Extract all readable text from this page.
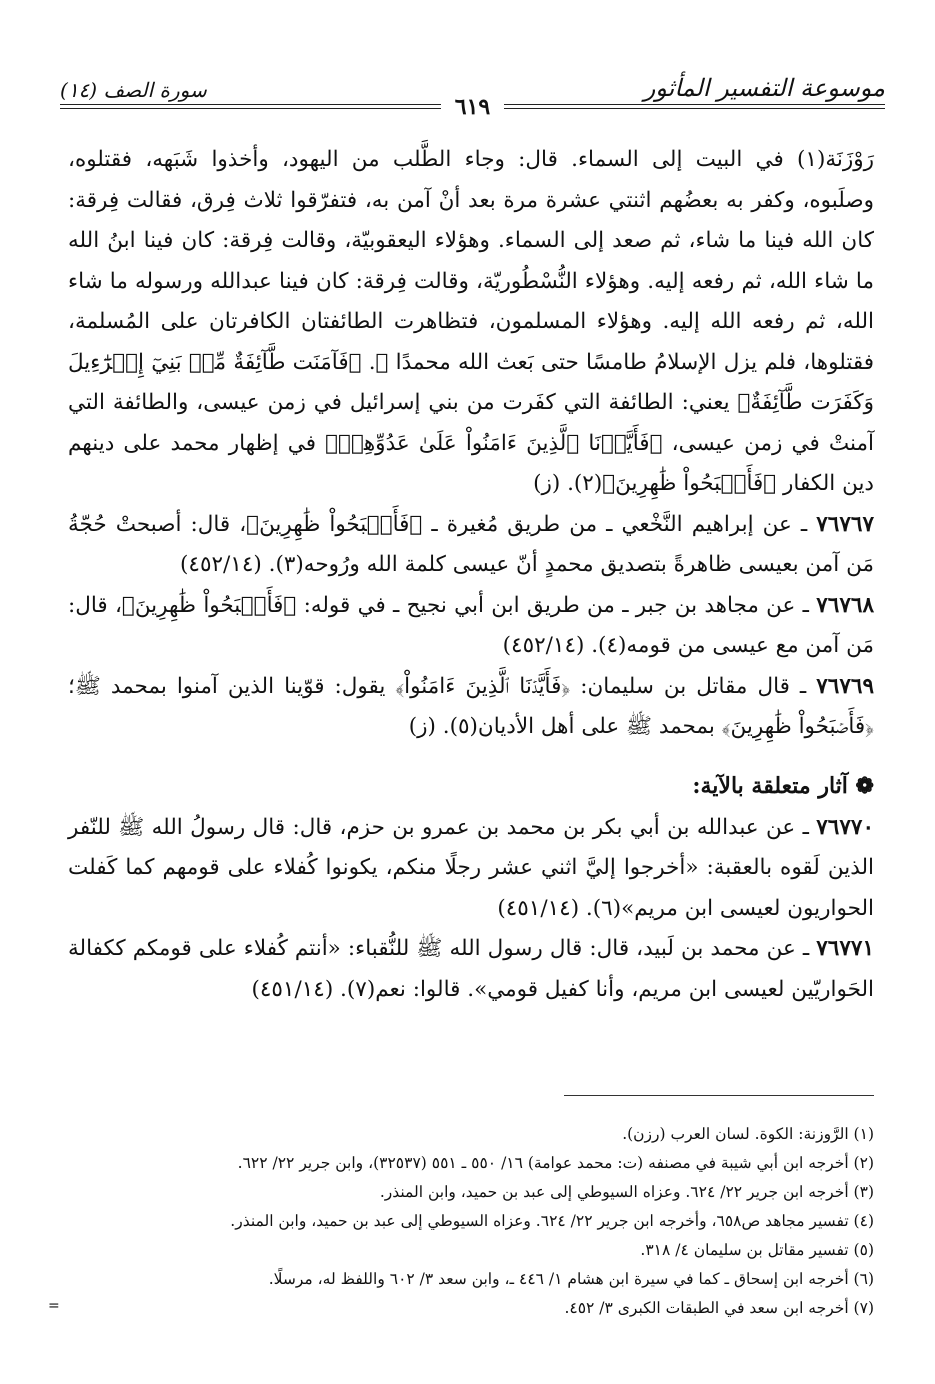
موسوعة التفسير المأثور
سورة الصف (١٤)
٦١٩

رَوْزَنَة(١) في البيت إلى السماء. قال: وجاء الطَّلب من اليهود، وأخذوا شَبَهه، فقتلوه، وصلَبوه، وكفر به بعضُهم اثنتي عشرة مرة بعد أنْ آمن به، فتفرّقوا ثلاث فِرق، فقالت فِرقة: كان الله فينا ما شاء، ثم صعد إلى السماء. وهؤلاء اليعقوبيّة، وقالت فِرقة: كان فينا ابنُ الله ما شاء الله، ثم رفعه إليه. وهؤلاء النُّسْطُوريّة، وقالت فِرقة: كان فينا عبدالله ورسوله ما شاء الله، ثم رفعه الله إليه. وهؤلاء المسلمون، فتظاهرت الطائفتان الكافرتان على المُسلمة، فقتلوها، فلم يزل الإسلامُ طامسًا حتى بَعث الله محمدًا ﷺ. ﴿فَآمَنَت طَّآئِفَةٌ مِّنۢ بَنِيٓ إِسۡرَٰٓءِيلَ وَكَفَرَت طَّآئِفَةٌ﴾ يعني: الطائفة التي كفَرت من بني إسرائيل في زمن عيسى، والطائفة التي آمنتْ في زمن عيسى، ﴿فَأَيَّدۡنَا ٱلَّذِينَ ءَامَنُواْ عَلَىٰ عَدُوِّهِمۡ﴾ في إظهار محمد على دينهم دين الكفار ﴿فَأَصۡبَحُواْ ظَٰهِرِينَ﴾(٢). (ز)

٧٦٧٦٧ ـ عن إبراهيم النَّخْعي ـ من طريق مُغيرة ـ ﴿فَأَصۡبَحُواْ ظَٰهِرِينَ﴾، قال: أصبحتْ حُجّةُ مَن آمن بعيسى ظاهرةً بتصديق محمدٍ أنّ عيسى كلمة الله ورُوحه(٣). (٤٥٢/١٤)

٧٦٧٦٨ ـ عن مجاهد بن جبر ـ من طريق ابن أبي نجيح ـ في قوله: ﴿فَأَصۡبَحُواْ ظَٰهِرِينَ﴾، قال: مَن آمن مع عيسى من قومه(٤). (٤٥٢/١٤)

٧٦٧٦٩ ـ قال مقاتل بن سليمان: ﴿فَأَيَّدۡنَا ٱلَّذِينَ ءَامَنُواْ﴾ يقول: قوّينا الذين آمنوا بمحمد ﷺ؛ ﴿فَأَصۡبَحُواْ ظَٰهِرِينَ﴾ بمحمد ﷺ على أهل الأديان(٥). (ز)

❁ آثار متعلقة بالآية:

٧٦٧٧٠ ـ عن عبدالله بن أبي بكر بن محمد بن عمرو بن حزم، قال: قال رسولُ الله ﷺ للنّفر الذين لَقوه بالعقبة: «أخرجوا إليَّ اثني عشر رجلًا منكم، يكونوا كُفلاء على قومهم كما كَفلت الحواريون لعيسى ابن مريم»(٦). (٤٥١/١٤)

٧٦٧٧١ ـ عن محمد بن لَبيد، قال: قال رسول الله ﷺ للنُّقباء: «أنتم كُفلاء على قومكم ككفالة الحَواريّين لعيسى ابن مريم، وأنا كفيل قومي». قالوا: نعم(٧). (٤٥١/١٤)

(١) الرَّوزنة: الكوة. لسان العرب (رزن).

(٢) أخرجه ابن أبي شيبة في مصنفه (ت: محمد عوامة) ١٦/ ٥٥٠ ـ ٥٥١ (٣٢٥٣٧)، وابن جرير ٢٢/ ٦٢٢.

(٣) أخرجه ابن جرير ٢٢/ ٦٢٤. وعزاه السيوطي إلى عبد بن حميد، وابن المنذر.

(٤) تفسير مجاهد ص٦٥٨، وأخرجه ابن جرير ٢٢/ ٦٢٤. وعزاه السيوطي إلى عبد بن حميد، وابن المنذر.

(٥) تفسير مقاتل بن سليمان ٤/ ٣١٨.

(٦) أخرجه ابن إسحاق ـ كما في سيرة ابن هشام ١/ ٤٤٦ ـ، وابن سعد ٣/ ٦٠٢ واللفظ له، مرسلًا.

(٧) أخرجه ابن سعد في الطبقات الكبرى ٣/ ٤٥٢.

=
